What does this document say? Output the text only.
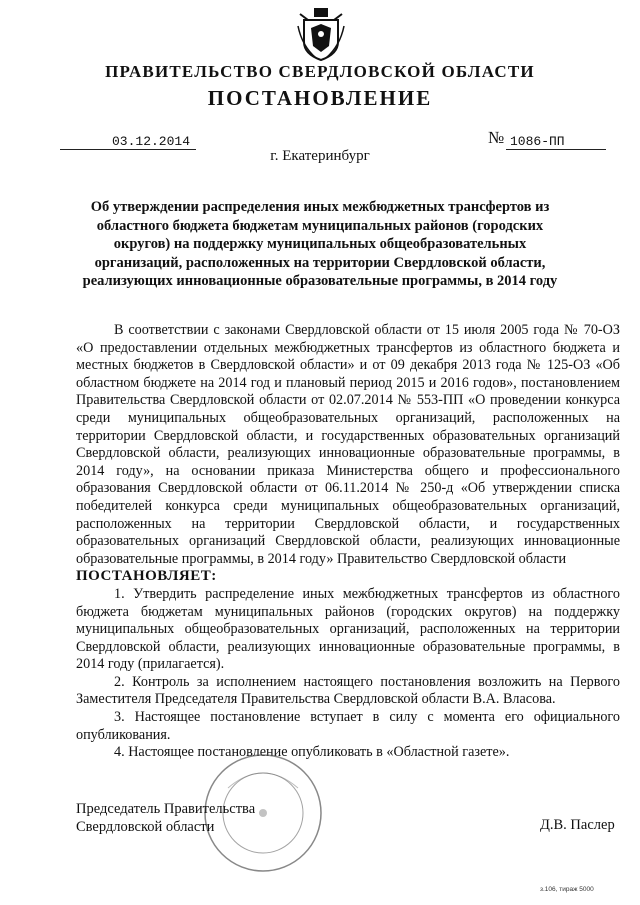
ПРАВИТЕЛЬСТВО СВЕРДЛОВСКОЙ ОБЛАСТИ
ПОСТАНОВЛЕНИЕ
03.12.2014	№ 1086-ПП
г. Екатеринбург
Об утверждении распределения иных межбюджетных трансфертов из областного бюджета бюджетам муниципальных районов (городских округов) на поддержку муниципальных общеобразовательных организаций, расположенных на территории Свердловской области, реализующих инновационные образовательные программы, в 2014 году

В соответствии с законами Свердловской области от 15 июля 2005 года № 70-ОЗ «О предоставлении отдельных межбюджетных трансфертов из областного бюджета и местных бюджетов в Свердловской области» и от 09 декабря 2013 года № 125-ОЗ «Об областном бюджете на 2014 год и плановый период 2015 и 2016 годов», постановлением Правительства Свердловской области от 02.07.2014 № 553-ПП «О проведении конкурса среди муниципальных общеобразовательных организаций, расположенных на территории Свердловской области, и государственных образовательных организаций Свердловской области, реализующих инновационные образовательные программы, в 2014 году», на основании приказа Министерства общего и профессионального образования Свердловской области от 06.11.2014 № 250-д «Об утверждении списка победителей конкурса среди муниципальных общеобразовательных организаций, расположенных на территории Свердловской области, и государственных образовательных организаций Свердловской области, реализующих инновационные образовательные программы, в 2014 году» Правительство Свердловской области

ПОСТАНОВЛЯЕТ:

1. Утвердить распределение иных межбюджетных трансфертов из областного бюджета бюджетам муниципальных районов (городских округов) на поддержку муниципальных общеобразовательных организаций, расположенных на территории Свердловской области, реализующих инновационные образовательные программы, в 2014 году (прилагается).

2. Контроль за исполнением настоящего постановления возложить на Первого Заместителя Председателя Правительства Свердловской области В.А. Власова.

3. Настоящее постановление вступает в силу с момента его официального опубликования.

4. Настоящее постановление опубликовать в «Областной газете».

Председатель Правительства
Свердловской области	Д.В. Паслер
з.106, тираж 5000
